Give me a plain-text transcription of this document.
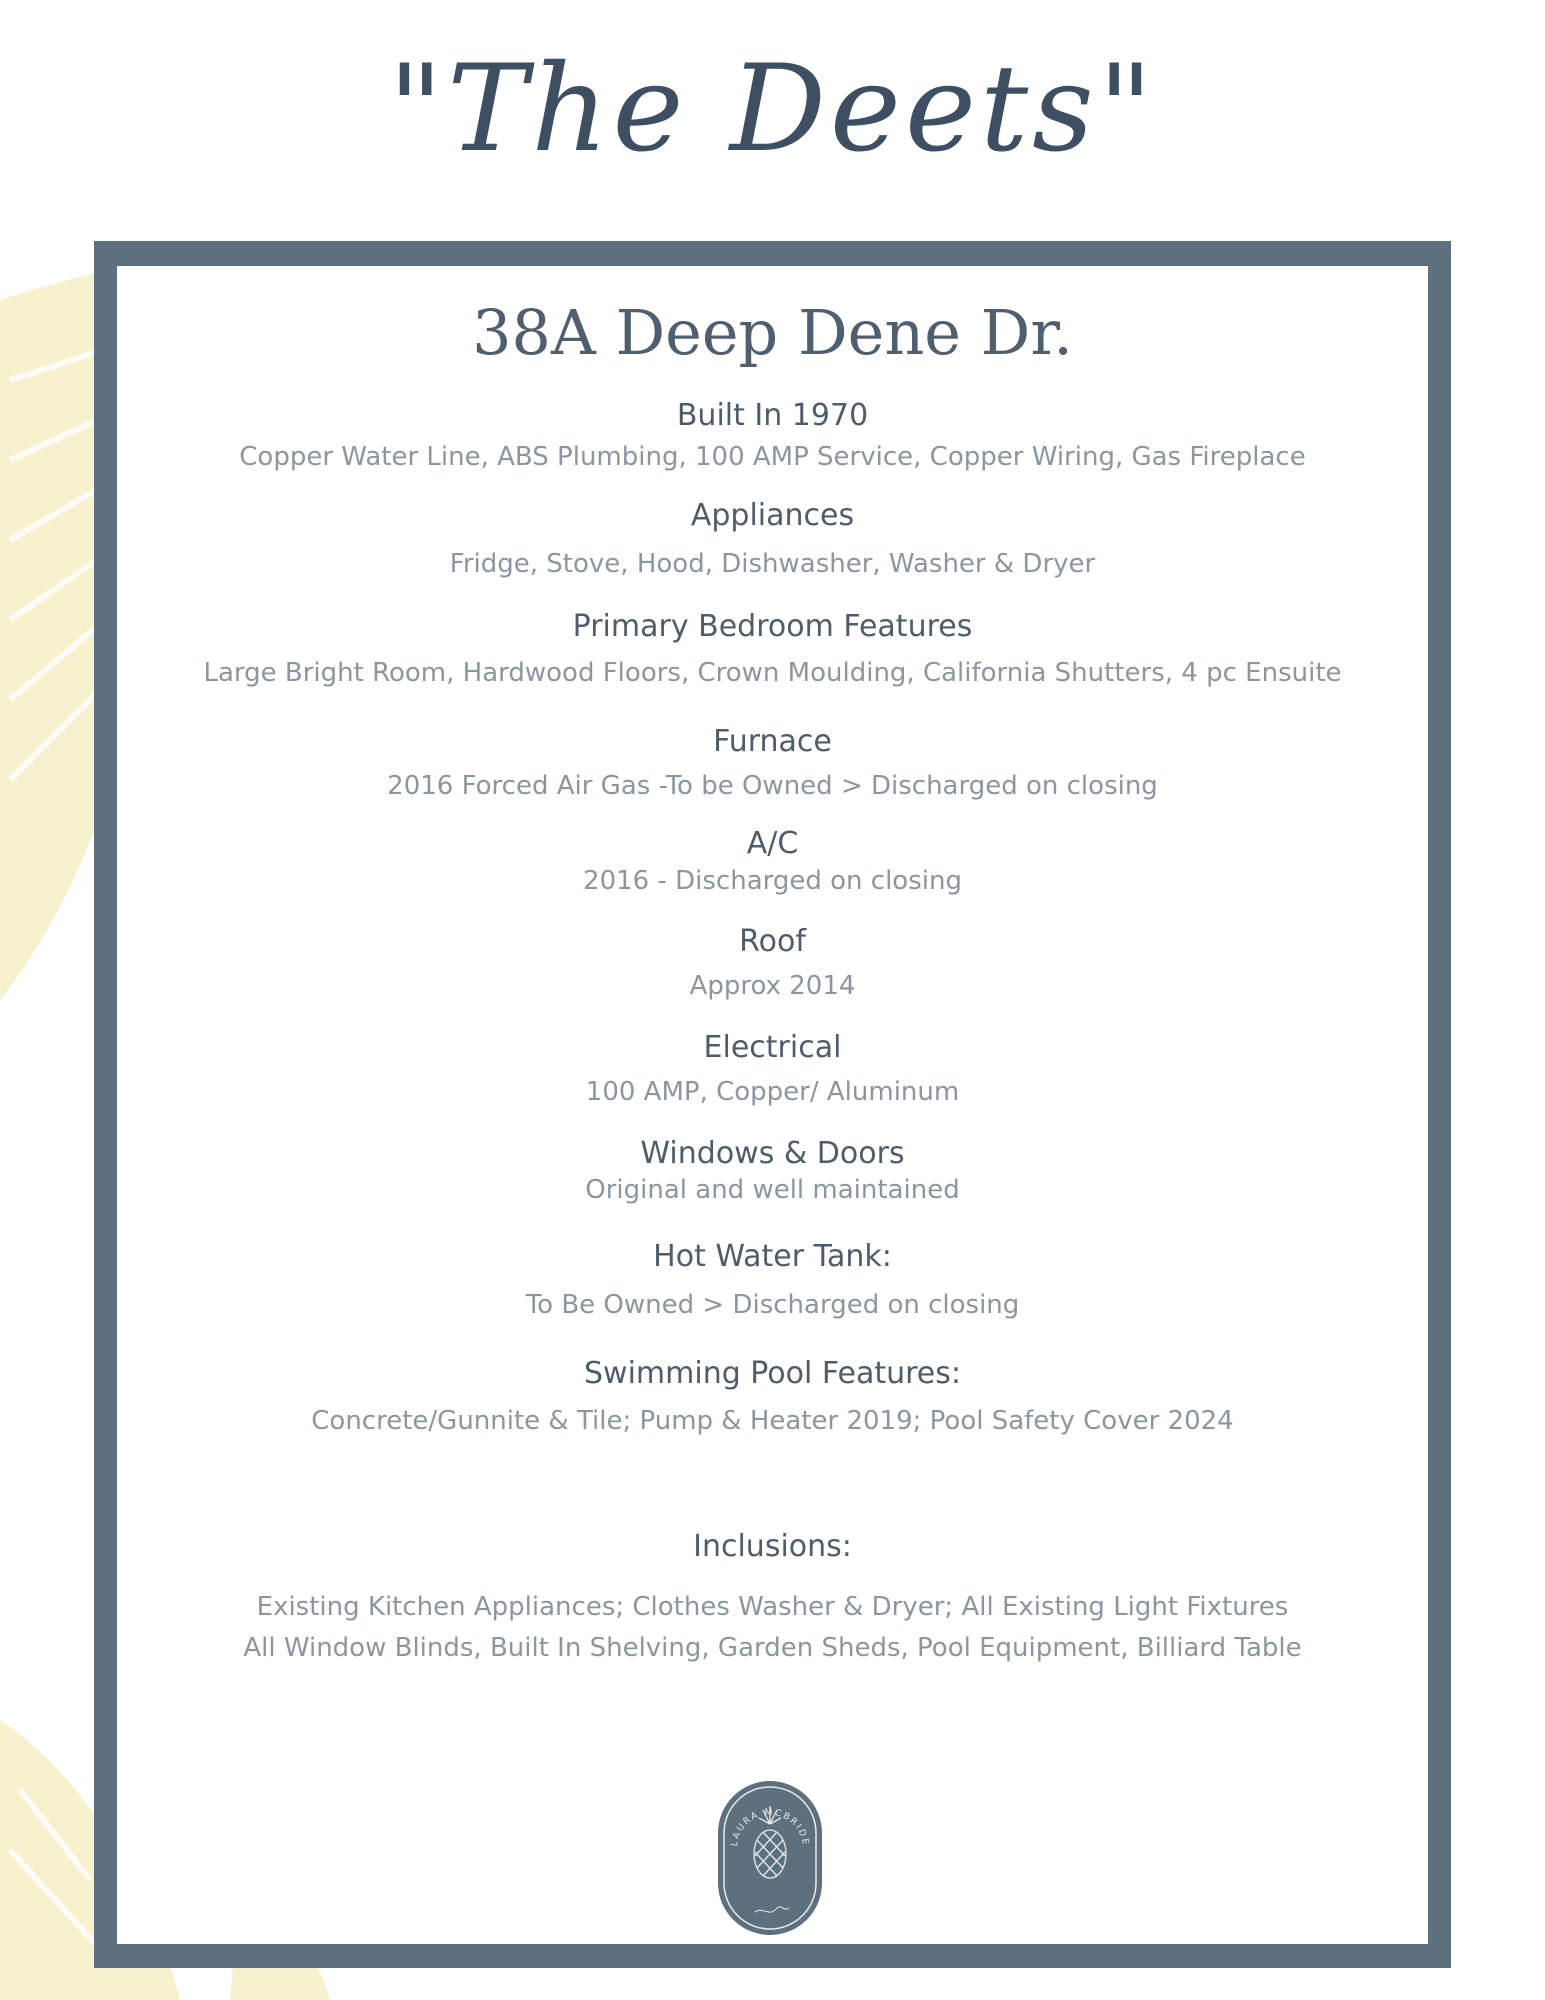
"The Deets"
38A Deep Dene Dr.
Built In 1970
Copper Water Line, ABS Plumbing, 100 AMP Service, Copper Wiring, Gas Fireplace
Appliances
Fridge, Stove, Hood, Dishwasher, Washer & Dryer
Primary Bedroom Features
Large Bright Room, Hardwood Floors, Crown Moulding, California Shutters, 4 pc Ensuite
Furnace
2016 Forced Air Gas -To be Owned > Discharged on closing
A/C
2016 - Discharged on closing
Roof
Approx 2014
Electrical
100 AMP, Copper/ Aluminum
Windows & Doors
Original and well maintained
Hot Water Tank:
To Be Owned > Discharged on closing
Swimming Pool Features:
Concrete/Gunnite & Tile; Pump & Heater 2019; Pool Safety Cover 2024
Inclusions:
Existing Kitchen Appliances; Clothes Washer & Dryer; All Existing Light Fixtures
All Window Blinds, Built In Shelving, Garden Sheds, Pool Equipment, Billiard Table
LAURA MCBRIDE
